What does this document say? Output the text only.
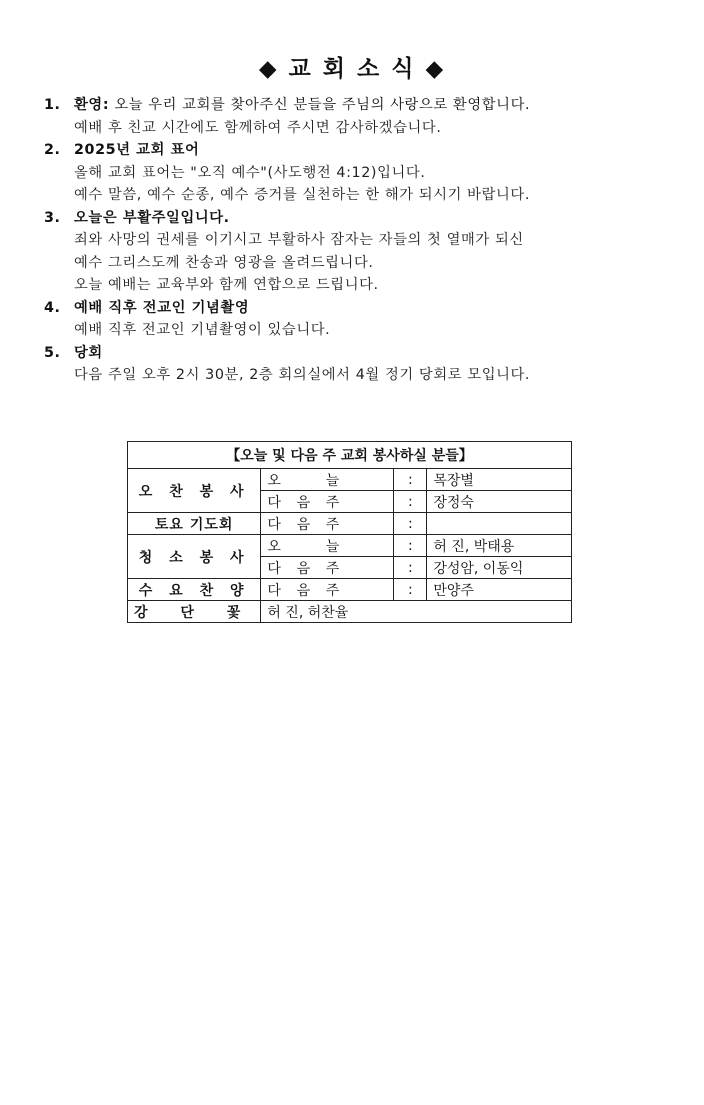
◆ 교 회 소 식 ◆
1. 환영: 오늘 우리 교회를 찾아주신 분들을 주님의 사랑으로 환영합니다.
예배 후 친교 시간에도 함께하여 주시면 감사하겠습니다.
2. 2025년 교회 표어
올해 교회 표어는 "오직 예수"(사도행전 4:12)입니다.
예수 말씀, 예수 순종, 예수 증거를 실천하는 한 해가 되시기 바랍니다.
3. 오늘은 부활주일입니다.
죄와 사망의 권세를 이기시고 부활하사 잠자는 자들의 첫 열매가 되신
예수 그리스도께 찬송과 영광을 올려드립니다.
오늘 예배는 교육부와 함께 연합으로 드립니다.
4. 예배 직후 전교인 기념촬영
예배 직후 전교인 기념촬영이 있습니다.
5. 당회
다음 주일 오후 2시 30분, 2층 회의실에서 4월 정기 당회로 모입니다.
【오늘 및 다음 주 교회 봉사하실 분들】			
오 찬 봉 사	오 늘	:	목장별

	다 음 주	:	장정숙
토요 기도회	다 음 주	:	
청 소 봉 사	오 늘	:	허 진, 박태용

	다 음 주	:	강성암, 이동익
수 요 찬 양	다 음 주	:	만양주
강 단 꽃	허 진, 허찬율		
